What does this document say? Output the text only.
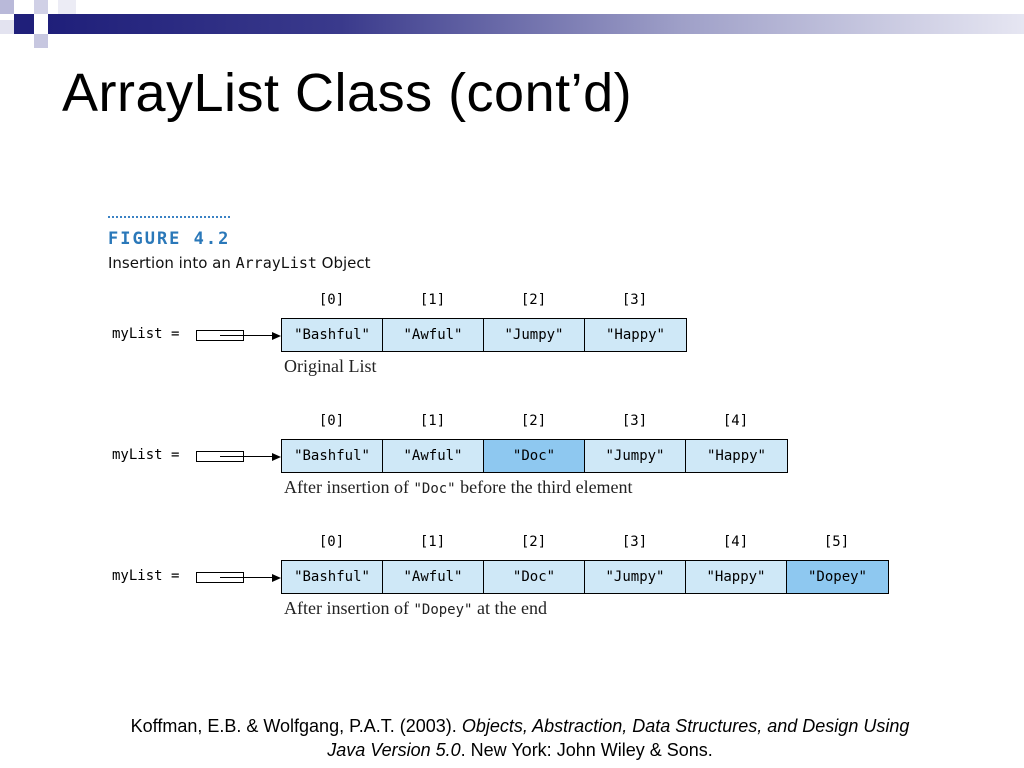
ArrayList Class (cont’d)
FIGURE 4.2
Insertion into an ArrayList Object
[0]	[1]	[2]	[3]
myList =	"Bashful"	"Awful"	"Jumpy"	"Happy"
Original List
[0]	[1]	[2]	[3]	[4]
myList =	"Bashful"	"Awful"	"Doc"	"Jumpy"	"Happy"
After insertion of "Doc" before the third element
[0]	[1]	[2]	[3]	[4]	[5]
myList =	"Bashful"	"Awful"	"Doc"	"Jumpy"	"Happy"	"Dopey"
After insertion of "Dopey" at the end
Koffman, E.B. & Wolfgang, P.A.T. (2003). Objects, Abstraction, Data Structures, and Design Using
Java Version 5.0. New York: John Wiley & Sons.
